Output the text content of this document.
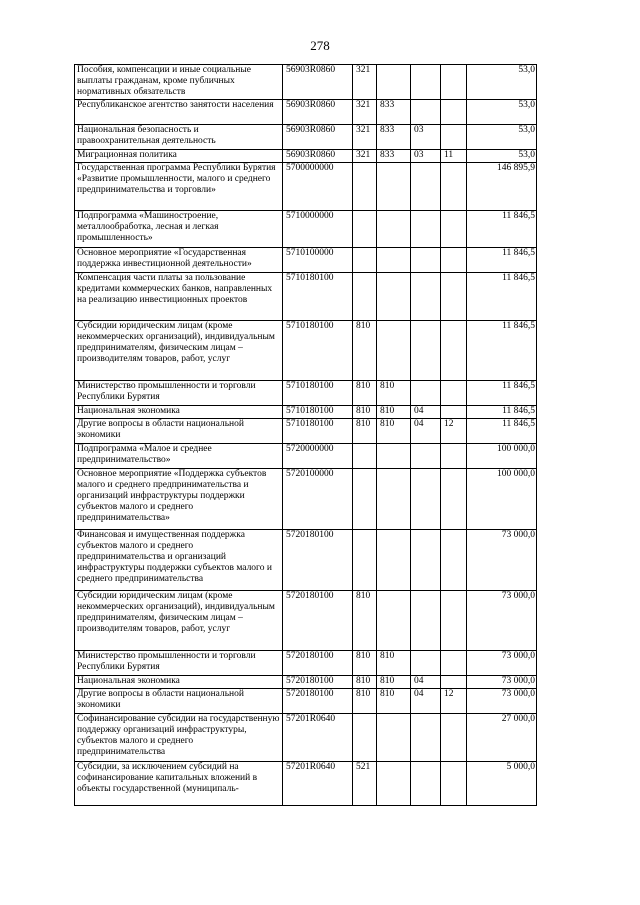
278
Пособия, компенсации и иные социальные выплаты гражданам, кроме публичных нормативных обязательств	56903R0860	321				53,0
Республиканское агентство занятости населения	56903R0860	321	833			53,0
Национальная безопасность и правоохранительная деятельность	56903R0860	321	833	03		53,0
Миграционная политика	56903R0860	321	833	03	11	53,0
Государственная программа Республики Бурятия «Развитие промышленности, малого и среднего предпринимательства и торговли»	5700000000					146 895,9
Подпрограмма «Машиностроение, металлообработка, лесная и легкая промышленность»	5710000000					11 846,5
Основное мероприятие «Государственная поддержка инвестиционной деятельности»	5710100000					11 846,5
Компенсация части платы за пользование кредитами коммерческих банков, направленных на реализацию инвестиционных проектов	5710180100					11 846,5
Субсидии юридическим лицам (кроме некоммерческих организаций), индивидуальным предпринимателям, физическим лицам – производителям товаров, работ, услуг	5710180100	810				11 846,5
Министерство промышленности и торговли Республики Бурятия	5710180100	810	810			11 846,5
Национальная экономика	5710180100	810	810	04		11 846,5
Другие вопросы в области национальной экономики	5710180100	810	810	04	12	11 846,5
Подпрограмма «Малое и среднее предпринимательство»	5720000000					100 000,0
Основное мероприятие «Поддержка субъектов малого и среднего предпринимательства и организаций инфраструктуры поддержки субъектов малого и среднего предпринимательства»	5720100000					100 000,0
Финансовая и имущественная поддержка субъектов малого и среднего предпринимательства и организаций инфраструктуры поддержки субъектов малого и среднего предпринимательства	5720180100					73 000,0
Субсидии юридическим лицам (кроме некоммерческих организаций), индивидуальным предпринимателям, физическим лицам – производителям товаров, работ, услуг	5720180100	810				73 000,0
Министерство промышленности и торговли Республики Бурятия	5720180100	810	810			73 000,0
Национальная экономика	5720180100	810	810	04		73 000,0
Другие вопросы в области национальной экономики	5720180100	810	810	04	12	73 000,0
Софинансирование субсидии на государственную поддержку организаций инфраструктуры, субъектов малого и среднего предпринимательства	57201R0640					27 000,0
Субсидии, за исключением субсидий на софинансирование капитальных вложений в объекты государственной (муниципаль-	57201R0640	521				5 000,0
